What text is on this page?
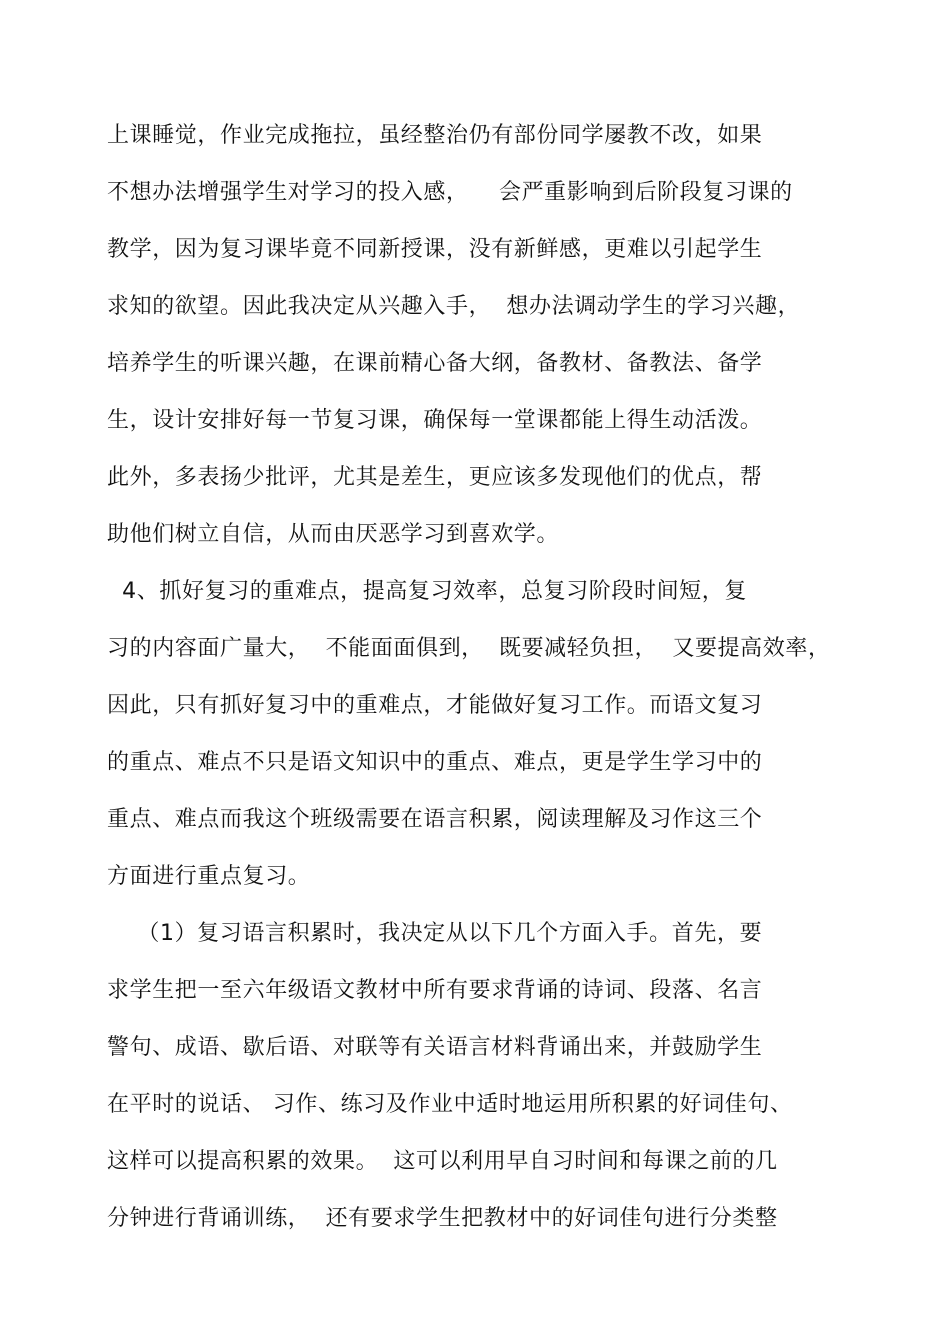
上课睡觉，作业完成拖拉，虽经整治仍有部份同学屡教不改，如果
不想办法增强学生对学习的投入感，    会严重影响到后阶段复习课的
教学，因为复习课毕竟不同新授课，没有新鲜感，更难以引起学生
求知的欲望。因此我决定从兴趣入手，  想办法调动学生的学习兴趣，
培养学生的听课兴趣，在课前精心备大纲，备教材、备教法、备学
生，设计安排好每一节复习课，确保每一堂课都能上得生动活泼。
此外，多表扬少批评，尤其是差生，更应该多发现他们的优点，帮
助他们树立自信，从而由厌恶学习到喜欢学。
4、抓好复习的重难点，提高复习效率，总复习阶段时间短，复
习的内容面广量大，  不能面面俱到，  既要减轻负担，  又要提高效率，
因此，只有抓好复习中的重难点，才能做好复习工作。而语文复习
的重点、难点不只是语文知识中的重点、难点，更是学生学习中的
重点、难点而我这个班级需要在语言积累，阅读理解及习作这三个
方面进行重点复习。
（1）复习语言积累时，我决定从以下几个方面入手。首先，要
求学生把一至六年级语文教材中所有要求背诵的诗词、段落、名言
警句、成语、歇后语、对联等有关语言材料背诵出来，并鼓励学生
在平时的说话、 习作、练习及作业中适时地运用所积累的好词佳句、
这样可以提高积累的效果。  这可以利用早自习时间和每课之前的几
分钟进行背诵训练，  还有要求学生把教材中的好词佳句进行分类整
